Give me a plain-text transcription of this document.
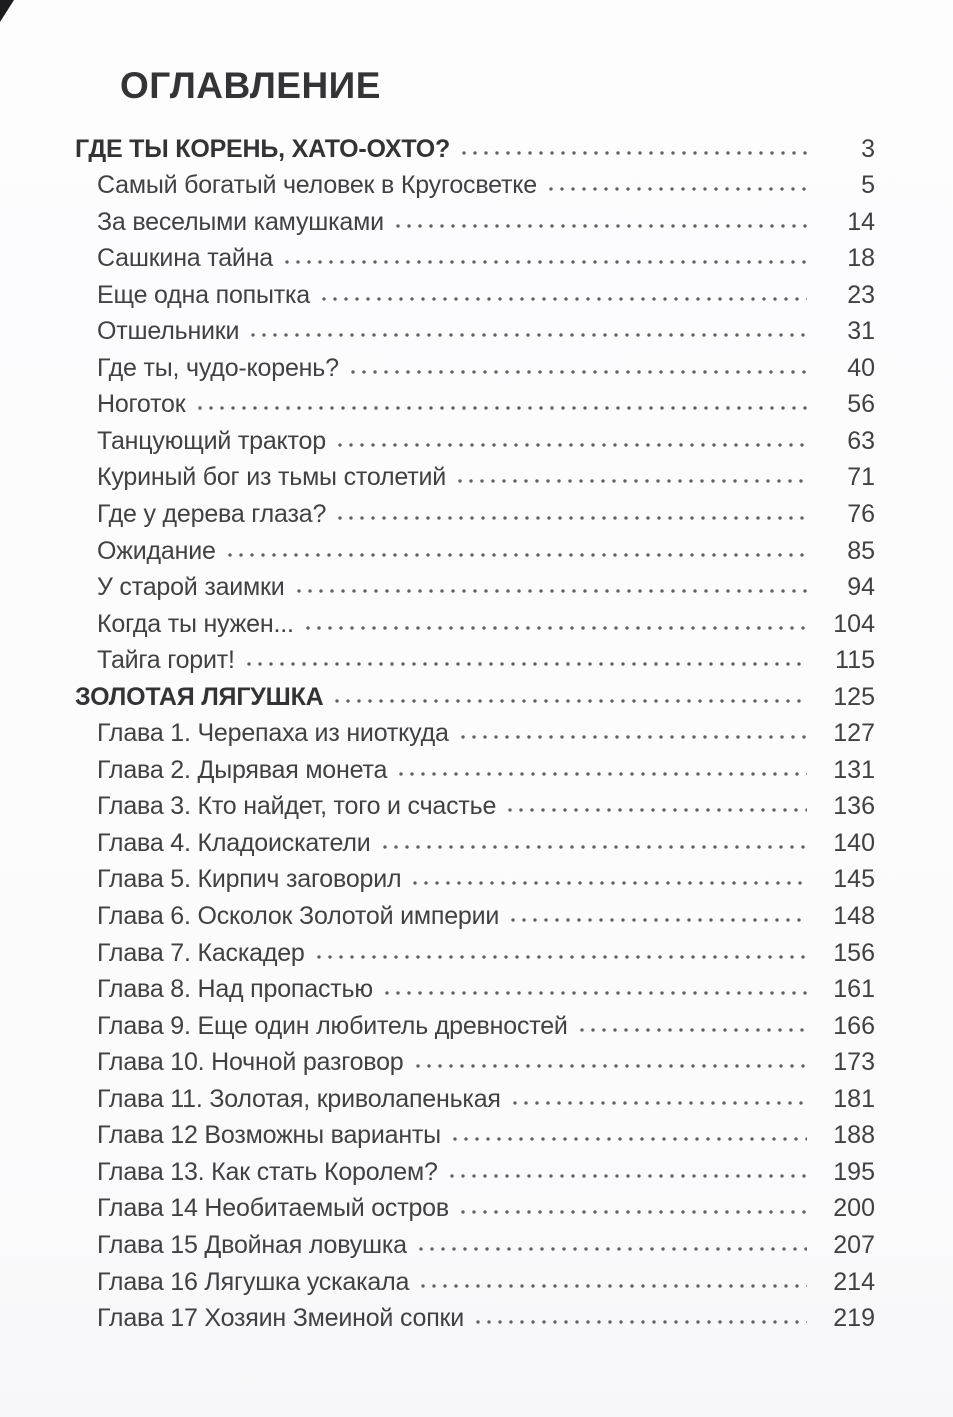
ОГЛАВЛЕНИЕ
ГДЕ ТЫ КОРЕНЬ, ХАТО-ОХТО?	3
Самый богатый человек в Кругосветке	5
За веселыми камушками	14
Сашкина тайна	18
Еще одна попытка	23
Отшельники	31
Где ты, чудо-корень?	40
Ноготок	56
Танцующий трактор	63
Куриный бог из тьмы столетий	71
Где у дерева глаза?	76
Ожидание	85
У старой заимки	94
Когда ты нужен...	104
Тайга горит!	115
ЗОЛОТАЯ ЛЯГУШКА	125
Глава 1. Черепаха из ниоткуда	127
Глава 2. Дырявая монета	131
Глава 3. Кто найдет, того и счастье	136
Глава 4. Кладоискатели	140
Глава 5. Кирпич заговорил	145
Глава 6. Осколок Золотой империи	148
Глава 7. Каскадер	156
Глава 8. Над пропастью	161
Глава 9. Еще один любитель древностей	166
Глава 10. Ночной разговор	173
Глава 11. Золотая, криволапенькая	181
Глава 12 Возможны варианты	188
Глава 13. Как стать Королем?	195
Глава 14 Необитаемый остров	200
Глава 15 Двойная ловушка	207
Глава 16 Лягушка ускакала	214
Глава 17 Хозяин Змеиной сопки	219
